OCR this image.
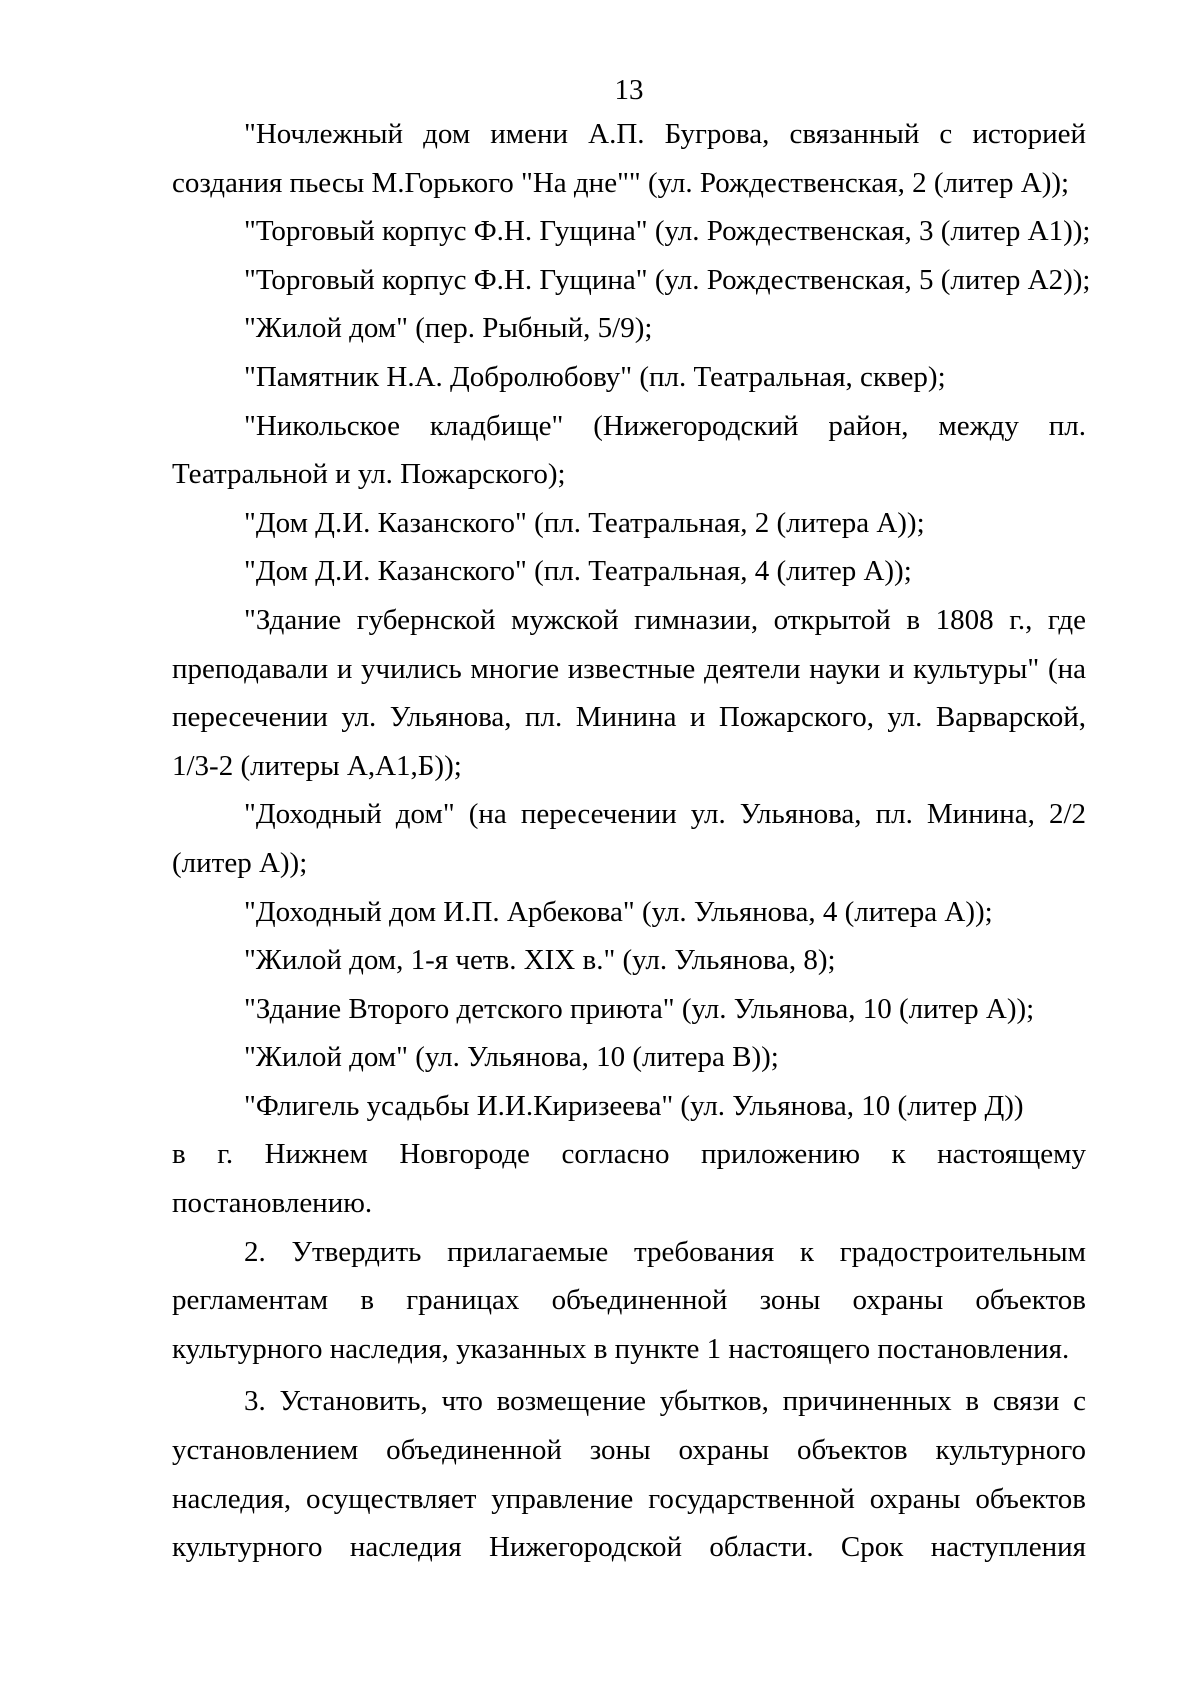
13

"Ночлежный дом имени А.П. Бугрова, связанный с историей создания пьесы М.Горького "На дне"" (ул. Рождественская, 2 (литер А));

"Торговый корпус Ф.Н. Гущина" (ул. Рождественская, 3 (литер А1));

"Торговый корпус Ф.Н. Гущина" (ул. Рождественская, 5 (литер А2));

"Жилой дом" (пер. Рыбный, 5/9);

"Памятник Н.А. Добролюбову" (пл. Театральная, сквер);

"Никольское кладбище" (Нижегородский район, между пл. Театральной и ул. Пожарского);

"Дом Д.И. Казанского" (пл. Театральная, 2 (литера А));

"Дом Д.И. Казанского" (пл. Театральная, 4 (литер А));

"Здание губернской мужской гимназии, открытой в 1808 г., где преподавали и учились многие известные деятели науки и культуры" (на пересечении ул. Ульянова, пл. Минина и Пожарского, ул. Варварской, 1/3-2 (литеры А,А1,Б));

"Доходный дом" (на пересечении ул. Ульянова, пл. Минина, 2/2 (литер А));

"Доходный дом И.П. Арбекова" (ул. Ульянова, 4 (литера А));

"Жилой дом, 1-я четв. XIX в." (ул. Ульянова, 8);

"Здание Второго детского приюта" (ул. Ульянова, 10 (литер А));

"Жилой дом" (ул. Ульянова, 10 (литера В));

"Флигель усадьбы И.И.Киризеева" (ул. Ульянова, 10 (литер Д))

в г. Нижнем Новгороде согласно приложению к настоящему постановлению.

2. Утвердить прилагаемые требования к градостроительным регламентам в границах объединенной зоны охраны объектов культурного наследия, указанных в пункте 1 настоящего постановления.

3. Установить, что возмещение убытков, причиненных в связи с установлением объединенной зоны охраны объектов культурного наследия, осуществляет управление государственной охраны объектов культурного наследия Нижегородской области. Срок наступления
